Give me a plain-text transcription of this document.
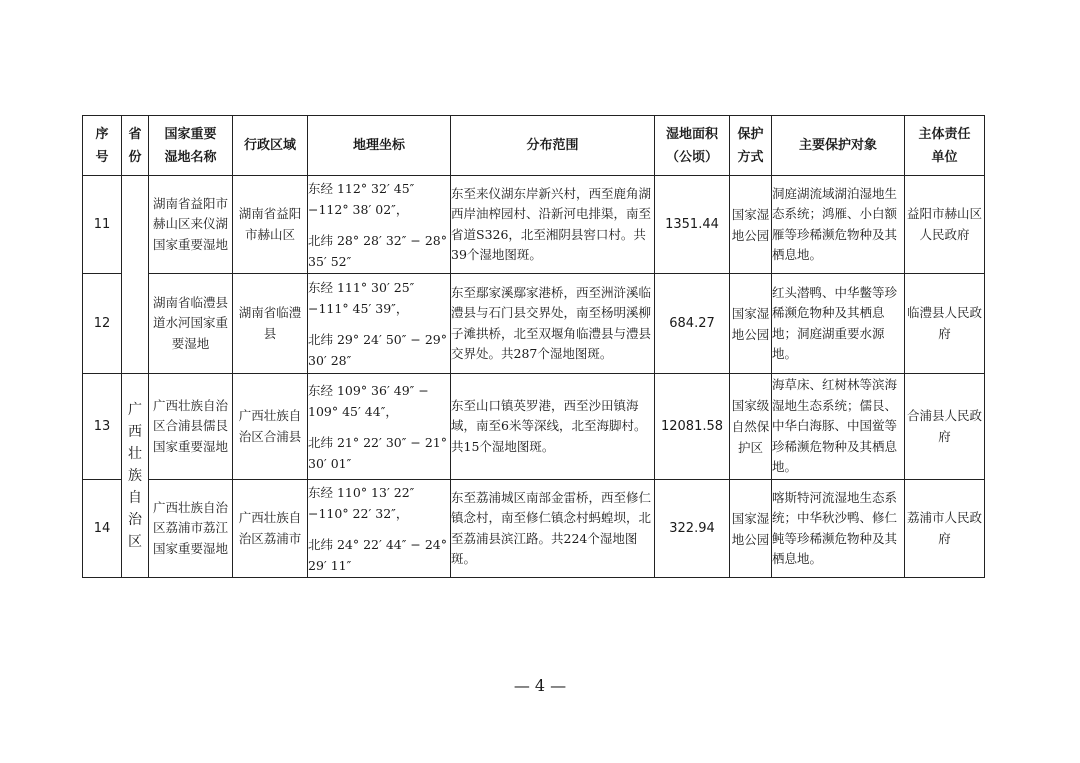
序号	省份	国家重要湿地名称	行政区域	地理坐标	分布范围	湿地面积（公顷）	保护方式	主要保护对象	主体责任单位

11		湖南省益阳市赫山区来仪湖国家重要湿地	湖南省益阳市赫山区	东经 112° 32′ 45″ −112° 38′ 02″，
北纬 28° 28′ 32″ − 28° 35′ 52″	东至来仪湖东岸新兴村，西至鹿角湖西岸油榨园村、沿新河电排渠，南至省道S326，北至湘阴县窖口村。共39个湿地图斑。	1351.44	国家湿地公园	洞庭湖流域湖泊湿地生态系统；鸿雁、小白额雁等珍稀濒危物种及其栖息地。	益阳市赫山区人民政府
12		湖南省临澧县道水河国家重要湿地	湖南省临澧县	东经 111° 30′ 25″ −111° 45′ 39″，
北纬 29° 24′ 50″ − 29° 30′ 28″	东至鄢家溪鄢家港桥，西至洲浒溪临澧县与石门县交界处，南至杨明溪柳子滩拱桥，北至双堰角临澧县与澧县交界处。共287个湿地图斑。	684.27	国家湿地公园	红头潜鸭、中华鳖等珍稀濒危物种及其栖息地；洞庭湖重要水源地。	临澧县人民政府
13	广西壮族自治区	广西壮族自治区合浦县儒艮国家重要湿地	广西壮族自治区合浦县	东经 109° 36′ 49″ − 109° 45′ 44″，
北纬 21° 22′ 30″ − 21° 30′ 01″	东至山口镇英罗港，西至沙田镇海域，南至6米等深线，北至海脚村。共15个湿地图斑。	12081.58	国家级自然保护区	海草床、红树林等滨海湿地生态系统；儒艮、中华白海豚、中国鲎等珍稀濒危物种及其栖息地。	合浦县人民政府
14		广西壮族自治区荔浦市荔江国家重要湿地	广西壮族自治区荔浦市	东经 110° 13′ 22″ −110° 22′ 32″，
北纬 24° 22′ 44″ − 24° 29′ 11″	东至荔浦城区南部金雷桥，西至修仁镇念村，南至修仁镇念村蚂蝗坝，北至荔浦县滨江路。共224个湿地图斑。	322.94	国家湿地公园	喀斯特河流湿地生态系统；中华秋沙鸭、修仁鲀等珍稀濒危物种及其栖息地。	荔浦市人民政府
— 4 —
